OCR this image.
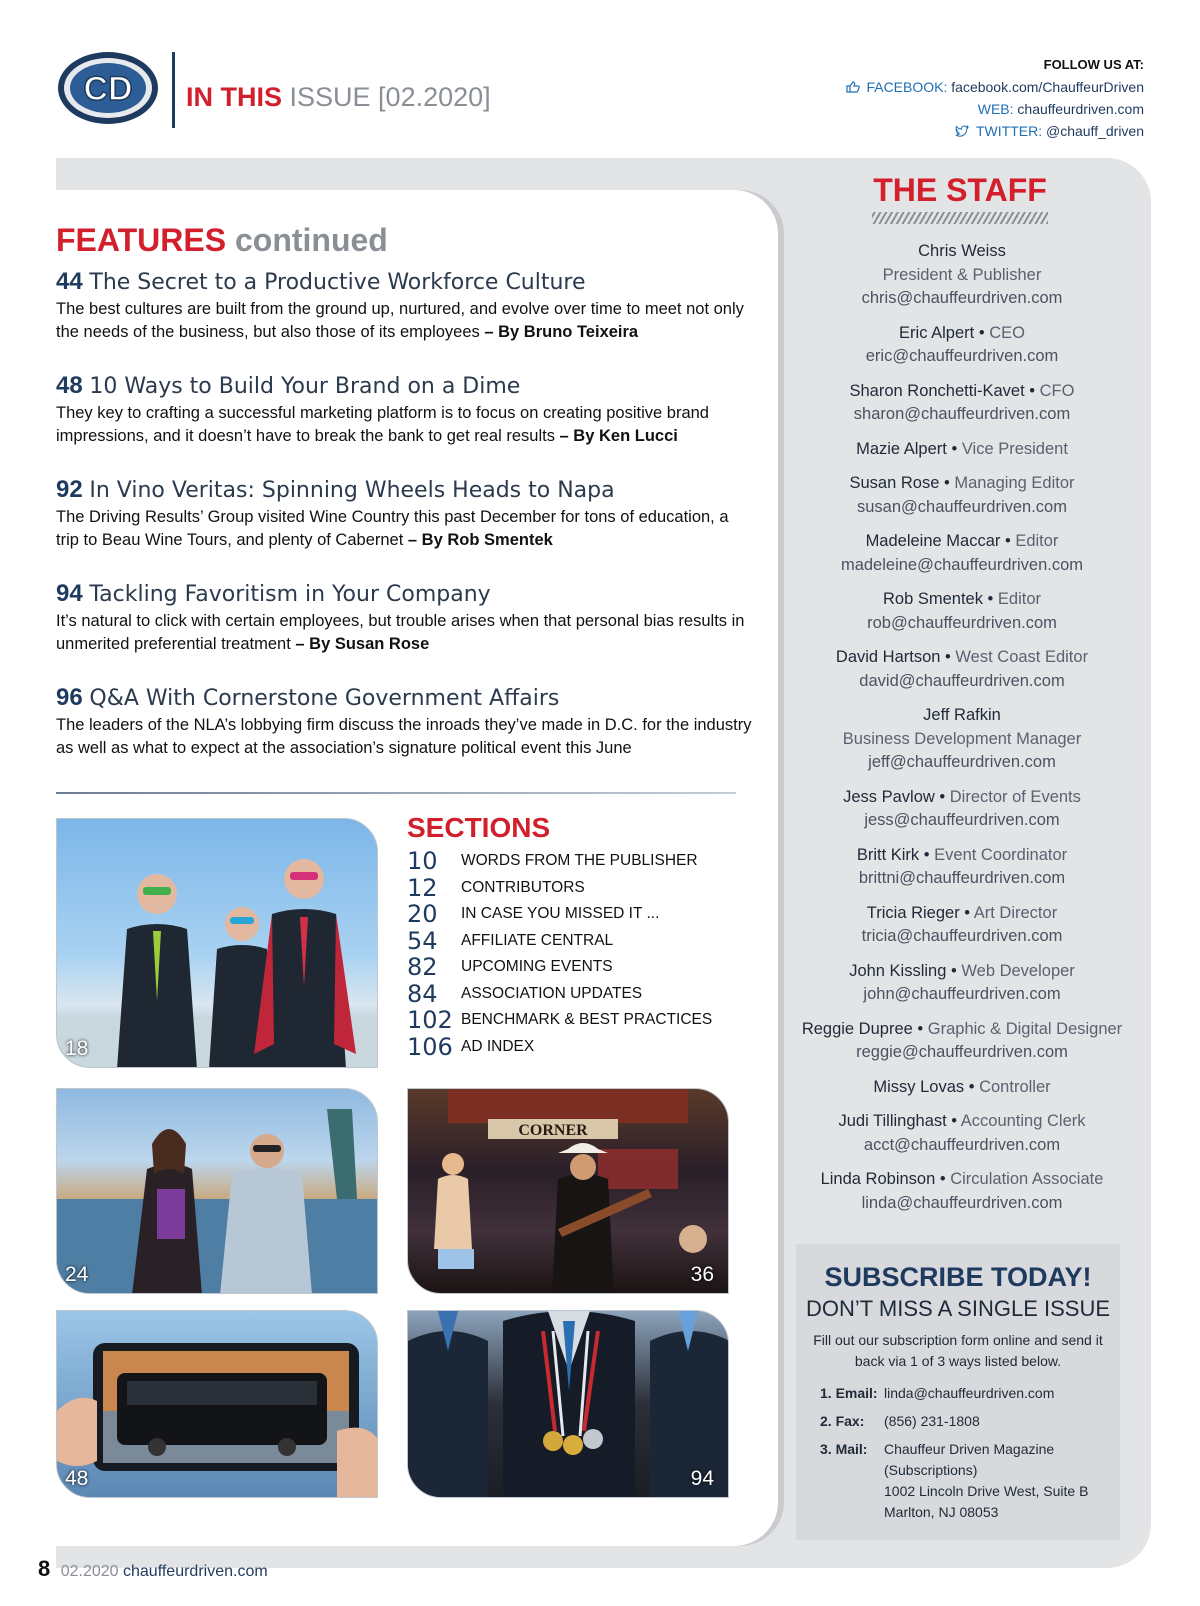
CD IN THIS ISSUE [02.2020]
FOLLOW US AT:
FACEBOOK: facebook.com/ChauffeurDriven
WEB: chauffeurdriven.com
TWITTER: @chauff_driven
FEATURES continued
44 The Secret to a Productive Workforce Culture
The best cultures are built from the ground up, nurtured, and evolve over time to meet not only the needs of the business, but also those of its employees – By Bruno Teixeira
48 10 Ways to Build Your Brand on a Dime
They key to crafting a successful marketing platform is to focus on creating positive brand impressions, and it doesn’t have to break the bank to get real results – By Ken Lucci
92 In Vino Veritas: Spinning Wheels Heads to Napa
The Driving Results’ Group visited Wine Country this past December for tons of education, a trip to Beau Wine Tours, and plenty of Cabernet – By Rob Smentek
94 Tackling Favoritism in Your Company
It’s natural to click with certain employees, but trouble arises when that personal bias results in unmerited preferential treatment – By Susan Rose
96 Q&A With Cornerstone Government Affairs
The leaders of the NLA’s lobbying firm discuss the inroads they’ve made in D.C. for the industry as well as what to expect at the association’s signature political event this June
18
24
CORNER
36
48	94
SECTIONS
10	WORDS FROM THE PUBLISHER
12	CONTRIBUTORS
20	IN CASE YOU MISSED IT ...
54	AFFILIATE CENTRAL
82	UPCOMING EVENTS
84	ASSOCIATION UPDATES
102 BENCHMARK & BEST PRACTICES
106 AD INDEX
THE STAFF
Chris Weiss
President & Publisher
chris@chauffeurdriven.com
Eric Alpert • CEO
eric@chauffeurdriven.com
Sharon Ronchetti-Kavet • CFO
sharon@chauffeurdriven.com
Mazie Alpert • Vice President
Susan Rose • Managing Editor
susan@chauffeurdriven.com
Madeleine Maccar • Editor
madeleine@chauffeurdriven.com
Rob Smentek • Editor
rob@chauffeurdriven.com
David Hartson • West Coast Editor
david@chauffeurdriven.com
Jeff Rafkin
Business Development Manager
jeff@chauffeurdriven.com
Jess Pavlow • Director of Events
jess@chauffeurdriven.com
Britt Kirk • Event Coordinator
brittni@chauffeurdriven.com
Tricia Rieger • Art Director
tricia@chauffeurdriven.com
John Kissling • Web Developer
john@chauffeurdriven.com
Reggie Dupree • Graphic & Digital Designer
reggie@chauffeurdriven.com
Missy Lovas • Controller
Judi Tillinghast • Accounting Clerk
acct@chauffeurdriven.com
Linda Robinson • Circulation Associate
linda@chauffeurdriven.com
SUBSCRIBE TODAY!
DON’T MISS A SINGLE ISSUE
Fill out our subscription form online and send it back via 1 of 3 ways listed below.
1. Email: linda@chauffeurdriven.com
2. Fax:	(856) 231-1808
3. Mail:	Chauffeur Driven Magazine
(Subscriptions)
1002 Lincoln Drive West, Suite B
Marlton, NJ 08053
8 02.2020 chauffeurdriven.com
